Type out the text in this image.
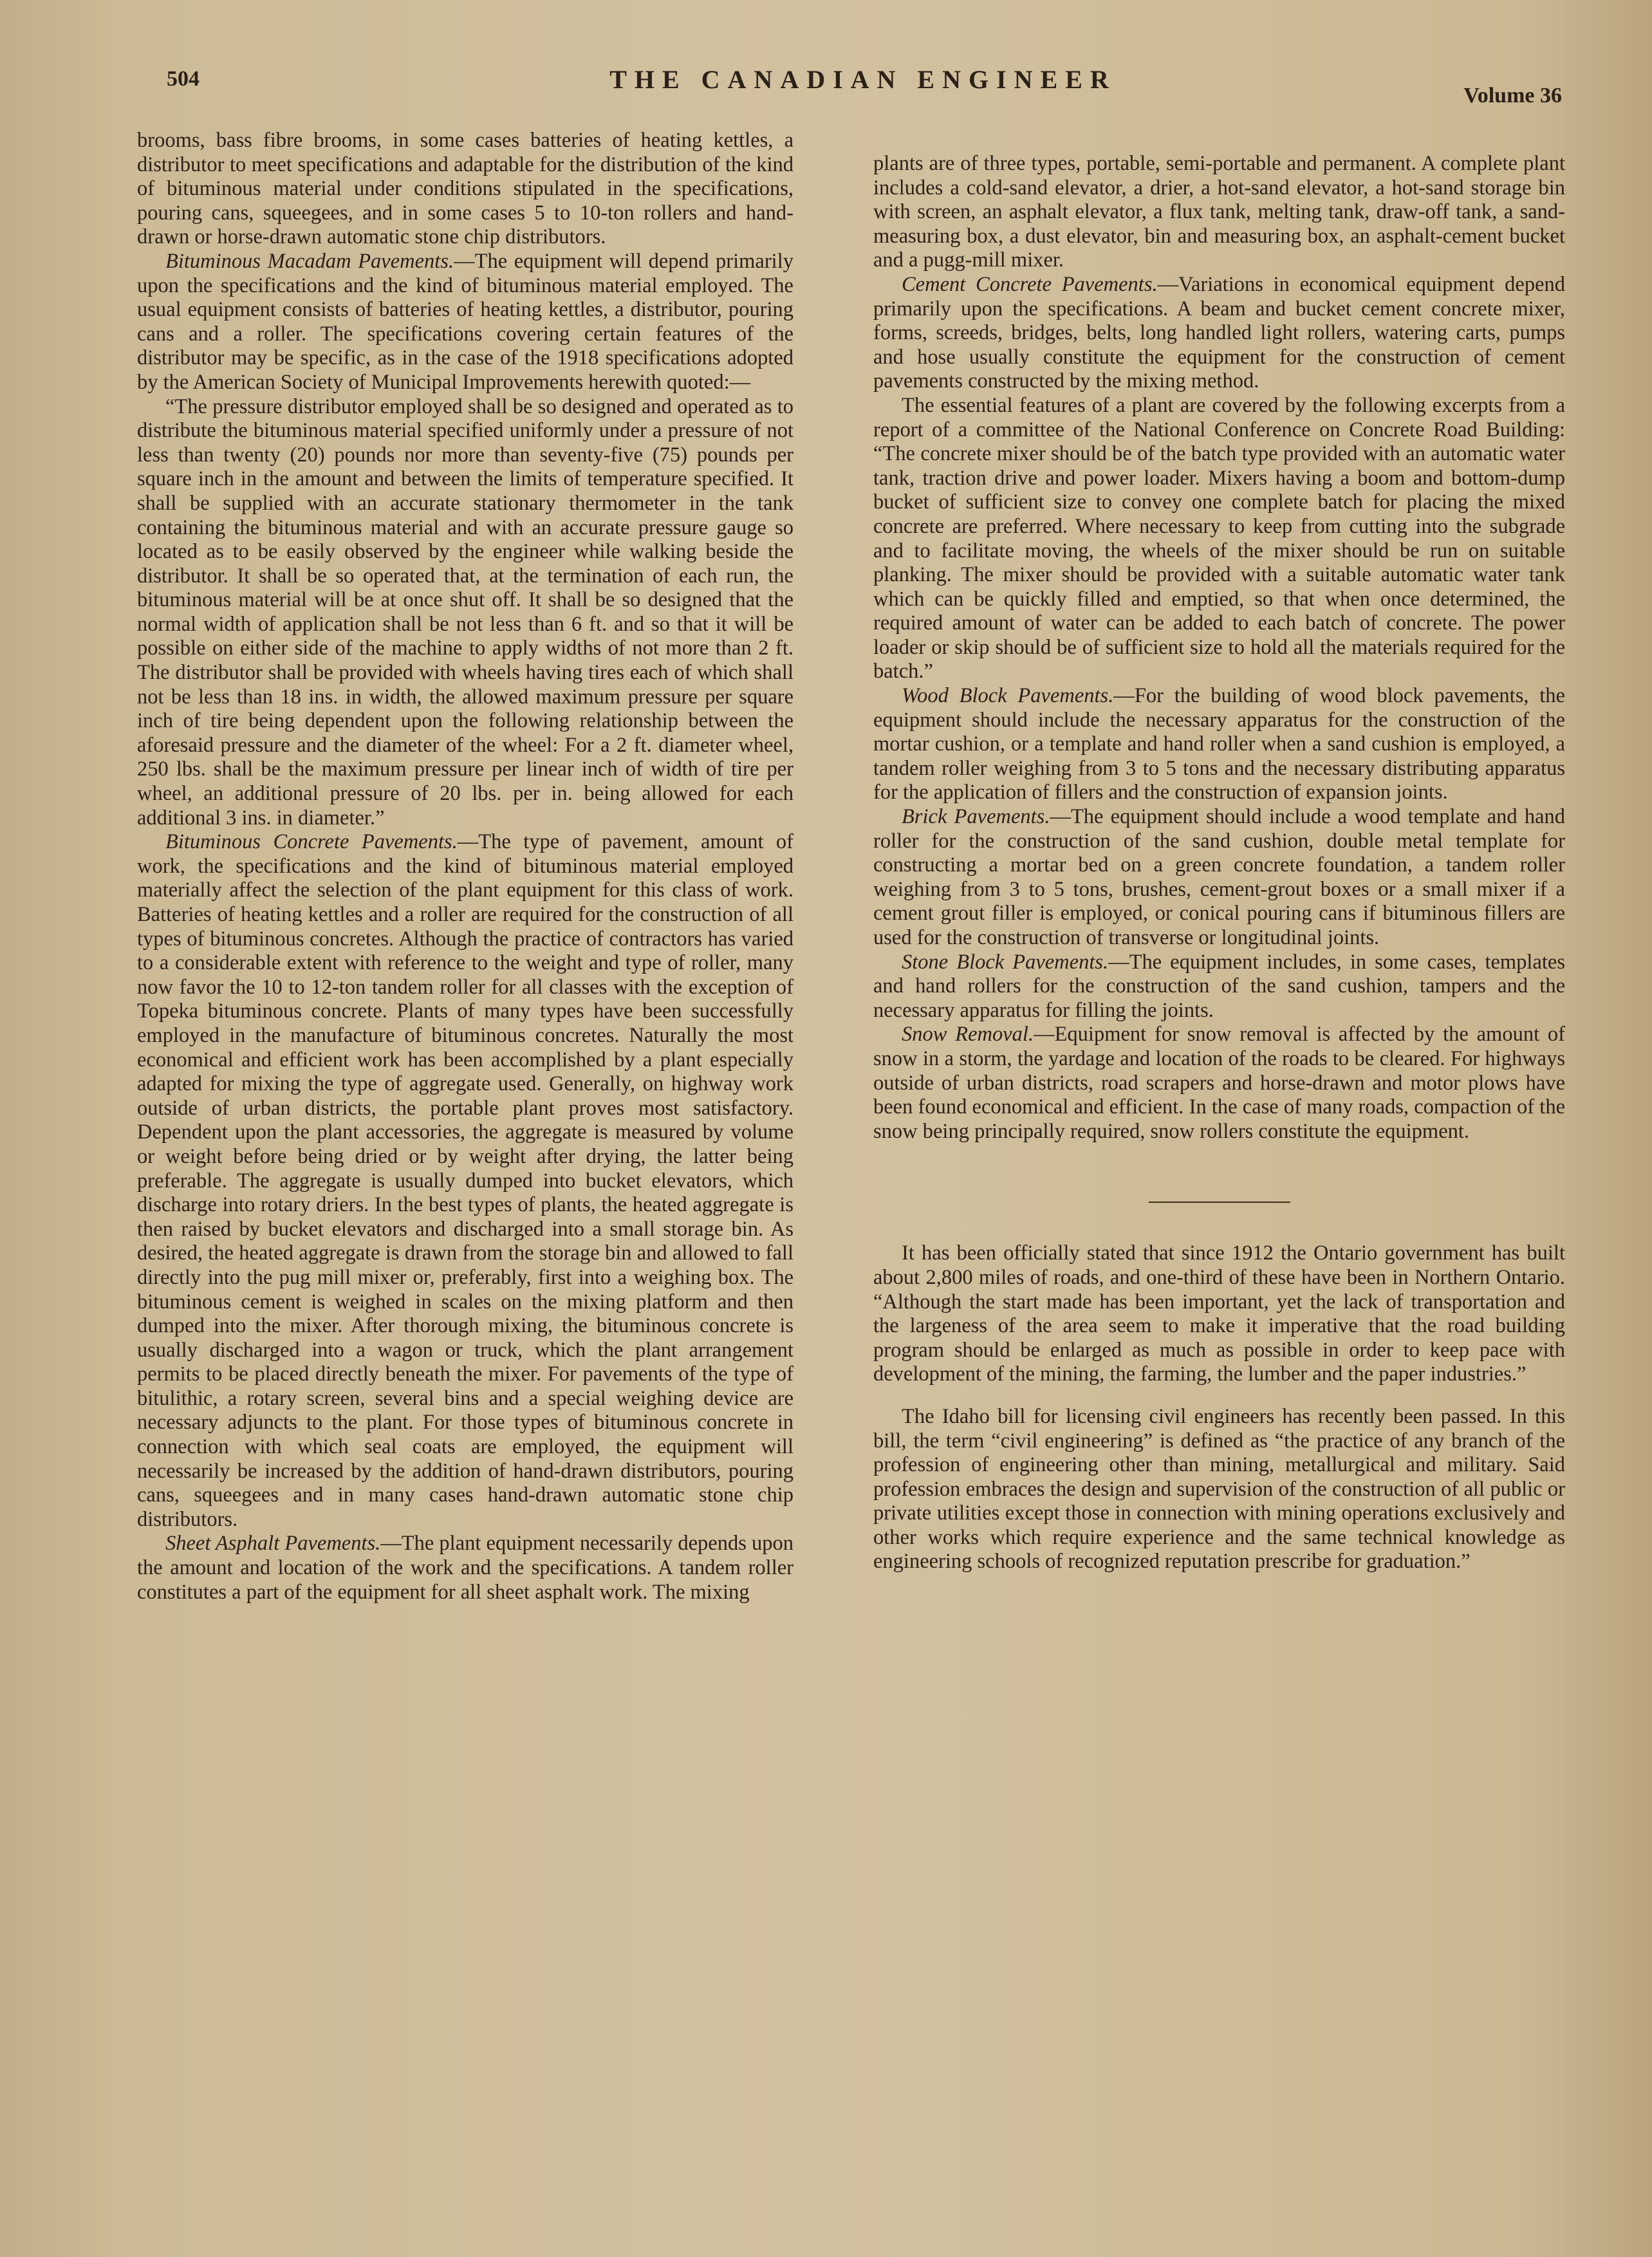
504	THE CANADIAN ENGINEER
Volume 36

brooms, bass fibre brooms, in some cases batteries of heating kettles, a distributor to meet specifications and adaptable for the distribution of the kind of bituminous material under conditions stipulated in the specifications, pouring cans, squeegees, and in some cases 5 to 10-ton rollers and hand-drawn or horse-drawn automatic stone chip distributors.

Bituminous Macadam Pavements.—The equipment will depend primarily upon the specifications and the kind of bituminous material employed. The usual equipment consists of batteries of heating kettles, a distributor, pouring cans and a roller. The specifications covering certain features of the distributor may be specific, as in the case of the 1918 specifications adopted by the American Society of Municipal Improvements herewith quoted:—

“The pressure distributor employed shall be so designed and operated as to distribute the bituminous material specified uniformly under a pressure of not less than twenty (20) pounds nor more than seventy-five (75) pounds per square inch in the amount and between the limits of temperature specified. It shall be supplied with an accurate stationary thermometer in the tank containing the bituminous material and with an accurate pressure gauge so located as to be easily observed by the engineer while walking beside the distributor. It shall be so operated that, at the termination of each run, the bituminous material will be at once shut off. It shall be so designed that the normal width of application shall be not less than 6 ft. and so that it will be possible on either side of the machine to apply widths of not more than 2 ft. The distributor shall be provided with wheels having tires each of which shall not be less than 18 ins. in width, the allowed maximum pressure per square inch of tire being dependent upon the following relationship between the aforesaid pressure and the diameter of the wheel: For a 2 ft. diameter wheel, 250 lbs. shall be the maximum pressure per linear inch of width of tire per wheel, an additional pressure of 20 lbs. per in. being allowed for each additional 3 ins. in diameter.”

Bituminous Concrete Pavements.—The type of pavement, amount of work, the specifications and the kind of bituminous material employed materially affect the selection of the plant equipment for this class of work. Batteries of heating kettles and a roller are required for the construction of all types of bituminous concretes. Although the practice of contractors has varied to a considerable extent with reference to the weight and type of roller, many now favor the 10 to 12-ton tandem roller for all classes with the exception of Topeka bituminous concrete. Plants of many types have been successfully employed in the manufacture of bituminous concretes. Naturally the most economical and efficient work has been accomplished by a plant especially adapted for mixing the type of aggregate used. Generally, on highway work outside of urban districts, the portable plant proves most satisfactory. Dependent upon the plant accessories, the aggregate is measured by volume or weight before being dried or by weight after drying, the latter being preferable. The aggregate is usually dumped into bucket elevators, which discharge into rotary driers. In the best types of plants, the heated aggregate is then raised by bucket elevators and discharged into a small storage bin. As desired, the heated aggregate is drawn from the storage bin and allowed to fall directly into the pug mill mixer or, preferably, first into a weighing box. The bituminous cement is weighed in scales on the mixing platform and then dumped into the mixer. After thorough mixing, the bituminous concrete is usually discharged into a wagon or truck, which the plant arrangement permits to be placed directly beneath the mixer. For pavements of the type of bitulithic, a rotary screen, several bins and a special weighing device are necessary adjuncts to the plant. For those types of bituminous concrete in connection with which seal coats are employed, the equipment will necessarily be increased by the addition of hand-drawn distributors, pouring cans, squeegees and in many cases hand-drawn automatic stone chip distributors.

Sheet Asphalt Pavements.—The plant equipment necessarily depends upon the amount and location of the work and the specifications. A tandem roller constitutes a part of the equipment for all sheet asphalt work. The mixing

plants are of three types, portable, semi-portable and permanent. A complete plant includes a cold-sand elevator, a drier, a hot-sand elevator, a hot-sand storage bin with screen, an asphalt elevator, a flux tank, melting tank, draw-off tank, a sand-measuring box, a dust elevator, bin and measuring box, an asphalt-cement bucket and a pugg-mill mixer.

Cement Concrete Pavements.—Variations in economical equipment depend primarily upon the specifications. A beam and bucket cement concrete mixer, forms, screeds, bridges, belts, long handled light rollers, watering carts, pumps and hose usually constitute the equipment for the construction of cement pavements constructed by the mixing method.

The essential features of a plant are covered by the following excerpts from a report of a committee of the National Conference on Concrete Road Building: “The concrete mixer should be of the batch type provided with an automatic water tank, traction drive and power loader. Mixers having a boom and bottom-dump bucket of sufficient size to convey one complete batch for placing the mixed concrete are preferred. Where necessary to keep from cutting into the subgrade and to facilitate moving, the wheels of the mixer should be run on suitable planking. The mixer should be provided with a suitable automatic water tank which can be quickly filled and emptied, so that when once determined, the required amount of water can be added to each batch of concrete. The power loader or skip should be of sufficient size to hold all the materials required for the batch.”

Wood Block Pavements.—For the building of wood block pavements, the equipment should include the necessary apparatus for the construction of the mortar cushion, or a template and hand roller when a sand cushion is employed, a tandem roller weighing from 3 to 5 tons and the necessary distributing apparatus for the application of fillers and the construction of expansion joints.

Brick Pavements.—The equipment should include a wood template and hand roller for the construction of the sand cushion, double metal template for constructing a mortar bed on a green concrete foundation, a tandem roller weighing from 3 to 5 tons, brushes, cement-grout boxes or a small mixer if a cement grout filler is employed, or conical pouring cans if bituminous fillers are used for the construction of transverse or longitudinal joints.

Stone Block Pavements.—The equipment includes, in some cases, templates and hand rollers for the construction of the sand cushion, tampers and the necessary apparatus for filling the joints.

Snow Removal.—Equipment for snow removal is affected by the amount of snow in a storm, the yardage and location of the roads to be cleared. For highways outside of urban districts, road scrapers and horse-drawn and motor plows have been found economical and efficient. In the case of many roads, compaction of the snow being principally required, snow rollers constitute the equipment.

It has been officially stated that since 1912 the Ontario government has built about 2,800 miles of roads, and one-third of these have been in Northern Ontario. “Although the start made has been important, yet the lack of transportation and the largeness of the area seem to make it imperative that the road building program should be enlarged as much as possible in order to keep pace with development of the mining, the farming, the lumber and the paper industries.”

The Idaho bill for licensing civil engineers has recently been passed. In this bill, the term “civil engineering” is defined as “the practice of any branch of the profession of engineering other than mining, metallurgical and military. Said profession embraces the design and supervision of the construction of all public or private utilities except those in connection with mining operations exclusively and other works which require experience and the same technical knowledge as engineering schools of recognized reputation prescribe for graduation.”
